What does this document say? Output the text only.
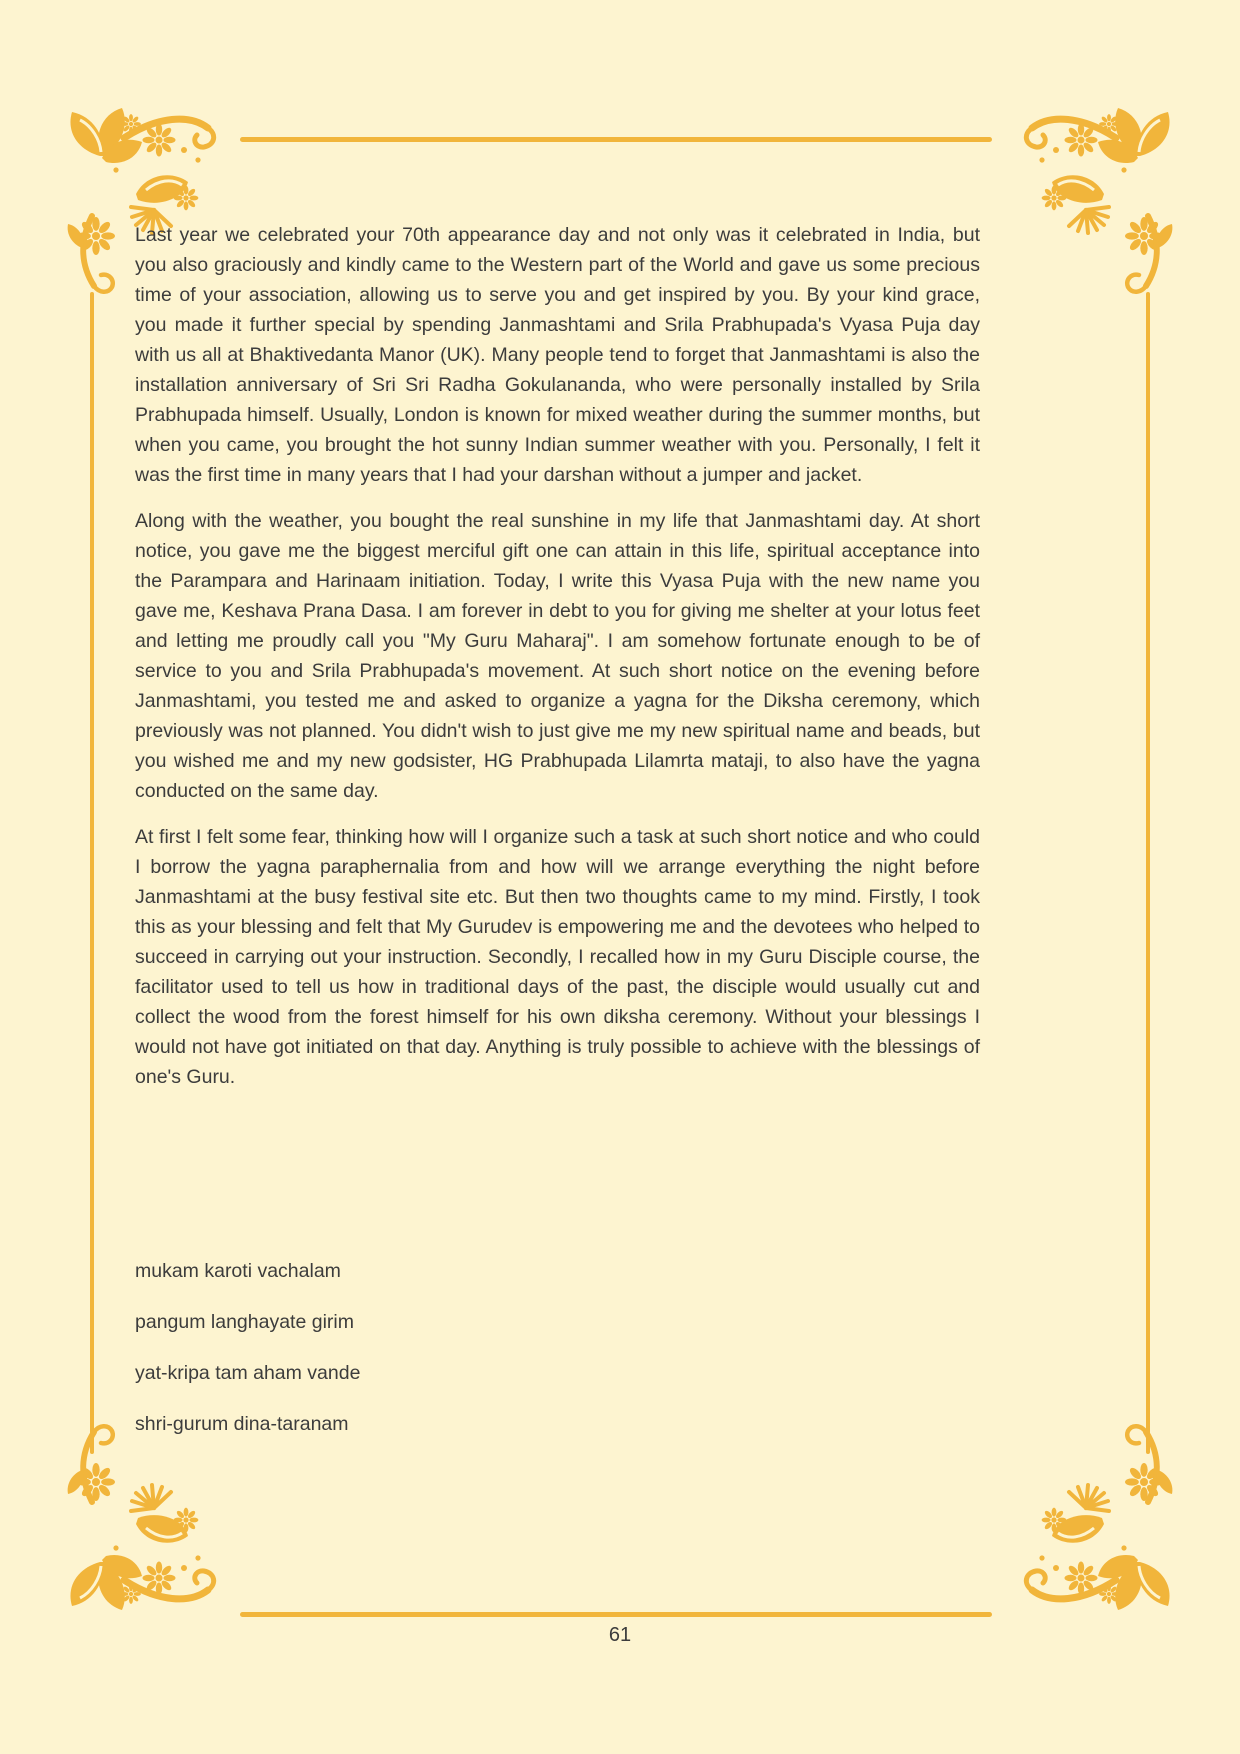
Last year we celebrated your 70th appearance day and not only was it celebrated in India, but you also graciously and kindly came to the Western part of the World and gave us some precious time of your association, allowing us to serve you and get inspired by you. By your kind grace, you made it further special by spending Janmashtami and Srila Prabhupada's Vyasa Puja day with us all at Bhaktivedanta Manor (UK). Many people tend to forget that Janmashtami is also the installation anniversary of Sri Sri Radha Gokulananda, who were personally installed by Srila Prabhupada himself. Usually, London is known for mixed weather during the summer months, but when you came, you brought the hot sunny Indian summer weather with you. Personally, I felt it was the first time in many years that I had your darshan without a jumper and jacket.

Along with the weather, you bought the real sunshine in my life that Janmashtami day. At short notice, you gave me the biggest merciful gift one can attain in this life, spiritual acceptance into the Parampara and Harinaam initiation. Today, I write this Vyasa Puja with the new name you gave me, Keshava Prana Dasa. I am forever in debt to you for giving me shelter at your lotus feet and letting me proudly call you "My Guru Maharaj". I am somehow fortunate enough to be of service to you and Srila Prabhupada's movement. At such short notice on the evening before Janmashtami, you tested me and asked to organize a yagna for the Diksha ceremony, which previously was not planned. You didn't wish to just give me my new spiritual name and beads, but you wished me and my new godsister, HG Prabhupada Lilamrta mataji, to also have the yagna conducted on the same day.

At first I felt some fear, thinking how will I organize such a task at such short notice and who could I borrow the yagna paraphernalia from and how will we arrange everything the night before Janmashtami at the busy festival site etc. But then two thoughts came to my mind. Firstly, I took this as your blessing and felt that My Gurudev is empowering me and the devotees who helped to succeed in carrying out your instruction. Secondly, I recalled how in my Guru Disciple course, the facilitator used to tell us how in traditional days of the past, the disciple would usually cut and collect the wood from the forest himself for his own diksha ceremony. Without your blessings I would not have got initiated on that day. Anything is truly possible to achieve with the blessings of one's Guru.

mukam karoti vachalam

pangum langhayate girim

yat-kripa tam aham vande

shri-gurum dina-taranam

61
